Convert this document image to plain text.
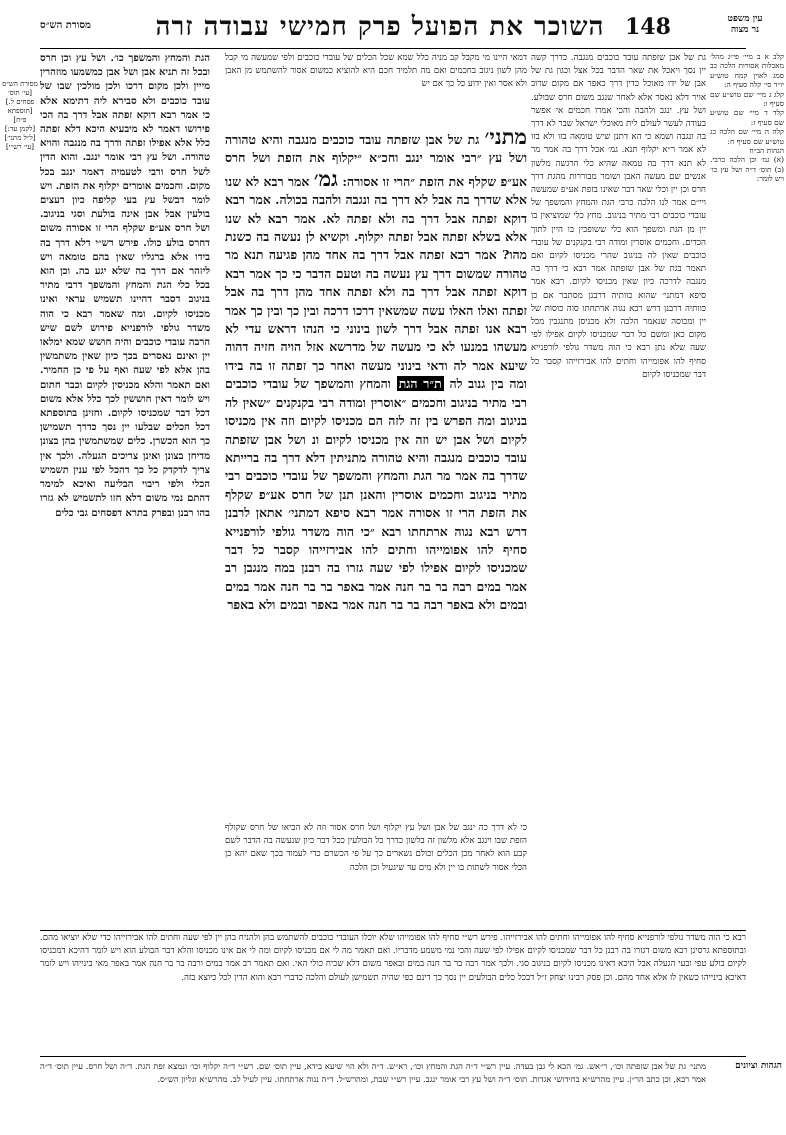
מסורת הש״ס	השוכר את הפועל פרק חמישי עבודה זרה 148	עין משפט
נר מצוה
קלב א ב מיי׳ פי״ג מהל׳ מאכלות אסורות הלכה כב סמג לאוין קמח טוש״ע יו״ד סי׳ קלה סעיף ה:
קלג ג מיי׳ שם טוש״ע שם סעיף ו:
קלד ד מיי׳ שם טוש״ע שם סעיף ז:
קלה ה מיי׳ שם הלכה כג טוש״ע שם סעיף ח:
הגהות הב״ח
(א) גמ׳ וכן הלכה כרבי. (ב) תוס׳ ד״ה ושל עץ כו׳ ויש לומר:
גת של אבן שזפתה עובד כוכבים מנגבה. כדרך קשה יין נסך ויאכל את שאר הדבר בכל אצל וכגון גת של אבן של ידו מאוכל כדין דרך כאפר אם מקום שרוב אויר דלא נאסר אלא לאחר שנגב משום חרס שבולע. ושל עץ. ינגב ולהבה והכי אמרו חכמים אי אפשר בעודה לעשר לעולם לית מאוכלי ישראל שבר לא דרך בה ונגבה ושמא כי הא דתנן שיש טומאה בזו ולא בזו לא אמר ר״א יקלוף תנא. גמ׳ אכל דרך בה אמר מר לא תנא דרך בה טמאה שהיא כלי הרגשה מלשון אנשים שם מעשה האבן ושומר מבוררות מהגת דרך חרס וכן יין וכלי שאר דבר שאינו בזפת אע״פ שמעשה ויי״ם אמר לנו הלכה כרבי הגת והמחץ והמשפך של עובדי כוכבים רבי מתיר בניגוב. מחץ כלי שמוציאין בו יין מן הגת ומשפך הוא כלי ששופכין בו היין לתוך הכדים. וחכמים אוסרין ומודה רבי בקנקנים של עובדי כוכבים שאין לה בניגוב שהרי מכניסו לקיום ואם תאמר בגת של אבן שזפתה אמר רבא כי דרך בה מנגבה לדרכה כיון שאין מכניסו לקיום. רבא אמר סיפא דמתני׳ שהוא כוותיה דרבנן מסתבר אם כן כוותיה דרבנן דרש רבא נגוה ארתחתו סוה כוסות של יין ומכוסה שנאמר הלכה ולא מכניסן מתנגבין מכל מקום כאן ומשם כל דבר שמכניסו לקיום אפילו לפי שעה שלא נתן רבא כי הוה משדר גולפי לורפנייא סחיף להו אפומייהו וחתים להו אבירזייהו קסבר כל דבר שמכניסו לקיום
דמאי היינו מי מקבל קב מניה כלל שמא שכל הכלים של עובדי כוכבים ולפי שמעשה מי קבל מהן לשון ניגוב בחכמים ואם מה תלמיד חכם היא להוציא כמשום אסור להשתמש מן האבן ולא אסר ואין ידוע כל כך אם יש
מתני׳ גת של אבן שזפתה עובד כוכבים מנגבה והיא טהורה ושל עץ ״רבי אומר ינגב וחכ״א ״יקלוף את הזפת ושל חרס אע״פ שקלף את הזפת ״הרי זו אסורה: גמ׳ אמר רבא לא שנו אלא שדרך בה אבל לא דרך בה ונגבה ולהבה בכולה. אמר רבא דוקא זפתה אבל דרך בה ולא זפתה לא. אמר רבא לא שנו אלא בשלא זפתה אבל זפתה יקלוף. וקשיא לן נעשה בה כשנת מהו? אמר רבא זפתה אבל דרך בה אחד מהן פגיעה תנא מר טהורה שמשום דרך עץ נעשה בה וטעם הדבר כי כך אמר רבא דוקא זפתה אבל דרך בה ולא זפתה אחד מהן דרך בה אבל זפתה ואלו האלו עשה שמשאין דרכו דרכה ובין כך ובין כך אמר רבא אנו זפתה אבל דרך לשון בינוני כי הנהו דראש עדי לא מעשהו במנעו לא כי מעשה של מדרשא אזל הויה חזיה דהוה שיעא אמר לה ודאי בינוני מעשה ואחר כך זפתה זו בה בידו ומה בין גנוב לה ת״ר הגת והמחץ והמשפך של עובדי כוכבים רבי מתיר בניגוב וחכמים ״אוסרין ומודה רבי בקנקנים ״שאין לה בניגוב ומה הפרש בין זה לזה הם מכניסו לקיום וזה אין מכניסו לקיום ושל אבן יש וזה אין מכניסו לקיום ונ ושל אבן שזפתה עובד כוכבים מנגבה והיא טהורה מתניתין דלא דרך בה ברייתא שדרך בה אמר מר הגת והמחץ והמשפך של עובדי כוכבים רבי מתיר בניגוב וחכמים אוסרין והאנן תנן של חרס אע״פ שקלף את הזפת הרי זו אסורה אמר רבא סיפא דמתני׳ אתאן לרבנן דרש רבא נגוה ארתחתו רבא ״כי הוה משדר גולפי לורפנייא סחיף להו אפומייהו וחתים להו אבירזייהו קסבר כל דבר שמכניסו לקיום אפילו לפי שעה גזרו בה רבנן במה מנגבן רב אמר במים רבה בר בר חנה אמר באפר בר בר חנה אמר במים ובמים ולא באפר רבה בר בר חנה אמר באפר ובמים ולא באפר
כי לא דרך כה ינגב של אבן ושל עץ יקלוף ושל חרס אסור וזה לא הביאו של חרס שקולף הזפת שבו וינגב אלא מלשון זה בלשון כדרך כל הבולעין ככל דבר כיון שנעשה בה הדבר לשם קבע הוא לאחר מכן הכלים וכולם נשארים כך על פי הכשרם כדי לעמוד בכך שאם יהא כן הכלי אסור לשתות בו יין ולא מים עד שיגעיל וכן הלכה
הגת והמחץ והמשפך כו׳. ושל עץ וכן חרס ובכל זה תניא אבן ושל אבן כמשמעו מוזהרין מייין ולכן מקום דרכו ולכן מולכין שבו של עובד כוכבים ולא סבירא ליה דתימא אלא כי אמר רבא דוקא זפתה אבל דרך בה הכי פירושו דאמר לא מיבעיא היכא דלא זפתה כלל אלא אפילו זפתה ודרך בה מנגבה והויא טהורה. ושל עץ רבי אומר ינגב. והוא הדין לשל חרס ורבי לטעמיה דאמר ינגב בכל מקום. וחכמים אומרים יקלוף את הזפת. ויש לומר דבשל עץ בעי קליפה כיון דעצים בולעין אבל אבן אינה בולעת וסגי בניגוב. ושל חרס אע״פ שקלף הרי זו אסורה משום דחרס בולע כולו. פירש רש״י דלא דרך בה בידו אלא ברגליו שאין בהם טומאה ויש ליזהר אם דרך בה שלא יגע בה. וכן הוא בכל כלי הגת והמחץ והמשפך דרבי מתיר בניגוב דסבר דהיינו תשמיש עראי ואינו מכניסו לקיום. ומה שאמר רבא כי הוה משדר גולפי לורפנייא פירוש לשם שיש הרבה עובדי כוכבים והיה חושש שמא ימלאו יין ואינם נאסרים בכך כיון שאין משתמשין בהן אלא לפי שעה ואף על פי כן החמיר. ואם תאמר והלא מכניסין לקיום וכבר חתום ויש לומר דאין חוששין לכך כלל אלא משום דכל דבר שמכניסו לקיום. וחזינן בתוספתא דכל הכלים שבלעו יין נסך כדרך תשמישן כך הוא הכשרן. כלים שמשתמשין בהן בצונן מדיחן בצונן ואינן צריכים הגעלה. ולכך אין צריך לדקדק כל כך דהכל לפי ענין תשמיש הכלי ולפי ריבוי הבליעה ואיכא למימר דהתם נמי משום דלא חזו לתשמיש לא גזרו בהו רבנן ובפרק בתרא דפסחים גבי כלים
מסורת הש״ס
[עי׳ תוס׳ פסחים ל.]
[תוספתא פ״ח]
[לקמן עד:]
[ל״ל מתני׳]
[עי׳ רש״י]
רבא כי הוה משדר גולפי לורפנייא סחיף להו אפומייהו וחתים להו אבירזייהו. פירש רש״י סחיף להו אפומייהו שלא יוכלו העובדי כוכבים להשתמש בהן ולהניח בהן יין לפי שעה וחתים להו אבירזייהו כדי שלא יוציאו מהם. ובתוספתא גרסינן רבא משום דגזרו בה רבנן כל דבר שמכניסו לקיום אפילו לפי שעה והכי נמי משמע מדבריו. ואם תאמר מה לי אם מכניסו לקיום ומה לי אם אינו מכניסו והלא דבר הבולע הוא ויש לומר דהיכא דמכניסו לקיום בולע טפי ובעי הגעלה אבל היכא דאינו מכניסו לקיום בניגוב סגי. ולכך אמר רבה בר בר חנה במים ובאפר משום דלא שכיח כולי האי. ואם תאמר רב אמר במים ורבה בר בר חנה אמר באפר מאי בינייהו ויש לומר דאיכא בינייהו כשאין לו אלא אחד מהם. וכן פסק רבינו יצחק ז״ל דבכל כלים הבולעים יין נסך כך דינם כפי שהיה תשמישן לעולם והלכה כדברי רבא והוא הדין לכל כיוצא בזה.
הגהות וציונים
מתני׳ גת של אבן שזפתה וכו׳, ר״אש. גמ׳ הכא לי גבן בעדה. עיין רש״י ד״ה הגת והמחץ וכו׳, רא״ש. ד״ה ולא הוי שיעא בידא, עיין תוס׳ שם. רש״י ד״ה יקלוף וכו׳ ונמצא זפת הגת. ד״ה ושל חרס. עיין תוס׳ ד״ה אמר רבא, וכן כתב הר״ן. עיין מהרש״א בחידושי אגדות. תוס׳ ד״ה ושל עץ רבי אומר ינגב. עיין רש״י שבת, ומהרש״ל. ד״ה נגוה ארתחתו. עיין לעיל לב. מהרש״א וגליון הש״ס.
